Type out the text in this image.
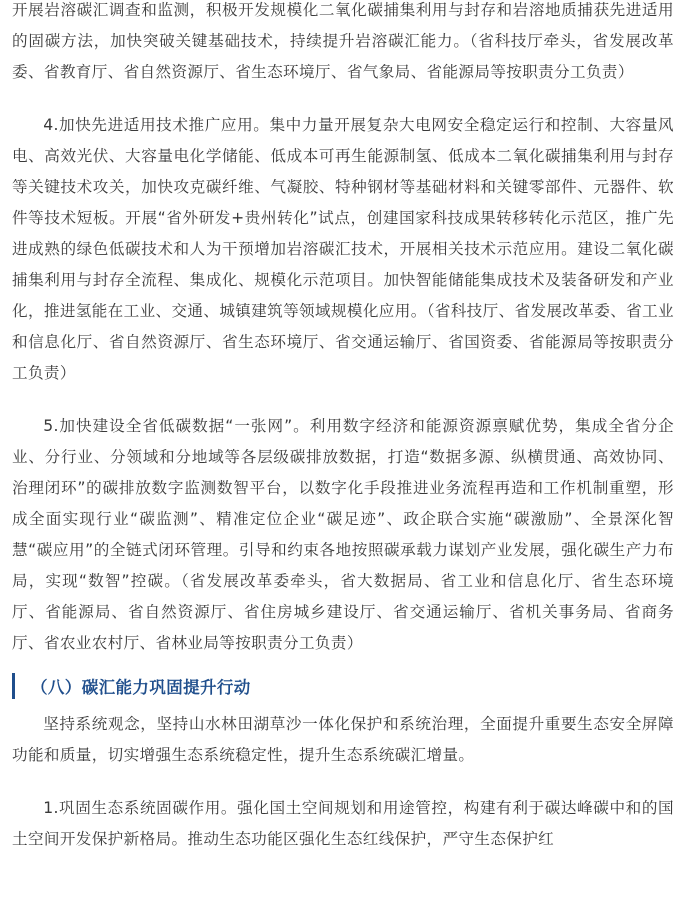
开展岩溶碳汇调查和监测，积极开发规模化二氧化碳捕集利用与封存和岩溶地质捕获先进适用的固碳方法，加快突破关键基础技术，持续提升岩溶碳汇能力。（省科技厅牵头，省发展改革委、省教育厅、省自然资源厅、省生态环境厅、省气象局、省能源局等按职责分工负责）

4.加快先进适用技术推广应用。集中力量开展复杂大电网安全稳定运行和控制、大容量风电、高效光伏、大容量电化学储能、低成本可再生能源制氢、低成本二氧化碳捕集利用与封存等关键技术攻关，加快攻克碳纤维、气凝胶、特种钢材等基础材料和关键零部件、元器件、软件等技术短板。开展“省外研发+贵州转化”试点，创建国家科技成果转移转化示范区，推广先进成熟的绿色低碳技术和人为干预增加岩溶碳汇技术，开展相关技术示范应用。建设二氧化碳捕集利用与封存全流程、集成化、规模化示范项目。加快智能储能集成技术及装备研发和产业化，推进氢能在工业、交通、城镇建筑等领域规模化应用。（省科技厅、省发展改革委、省工业和信息化厅、省自然资源厅、省生态环境厅、省交通运输厅、省国资委、省能源局等按职责分工负责）

5.加快建设全省低碳数据“一张网”。利用数字经济和能源资源禀赋优势，集成全省分企业、分行业、分领域和分地域等各层级碳排放数据，打造“数据多源、纵横贯通、高效协同、治理闭环”的碳排放数字监测数智平台，以数字化手段推进业务流程再造和工作机制重塑，形成全面实现行业“碳监测”、精准定位企业“碳足迹”、政企联合实施“碳激励”、全景深化智慧“碳应用”的全链式闭环管理。引导和约束各地按照碳承载力谋划产业发展，强化碳生产力布局，实现“数智”控碳。（省发展改革委牵头，省大数据局、省工业和信息化厅、省生态环境厅、省能源局、省自然资源厅、省住房城乡建设厅、省交通运输厅、省机关事务局、省商务厅、省农业农村厅、省林业局等按职责分工负责）

（八）碳汇能力巩固提升行动

坚持系统观念，坚持山水林田湖草沙一体化保护和系统治理，全面提升重要生态安全屏障功能和质量，切实增强生态系统稳定性，提升生态系统碳汇增量。

1.巩固生态系统固碳作用。强化国土空间规划和用途管控，构建有利于碳达峰碳中和的国土空间开发保护新格局。推动生态功能区强化生态红线保护，严守生态保护红
